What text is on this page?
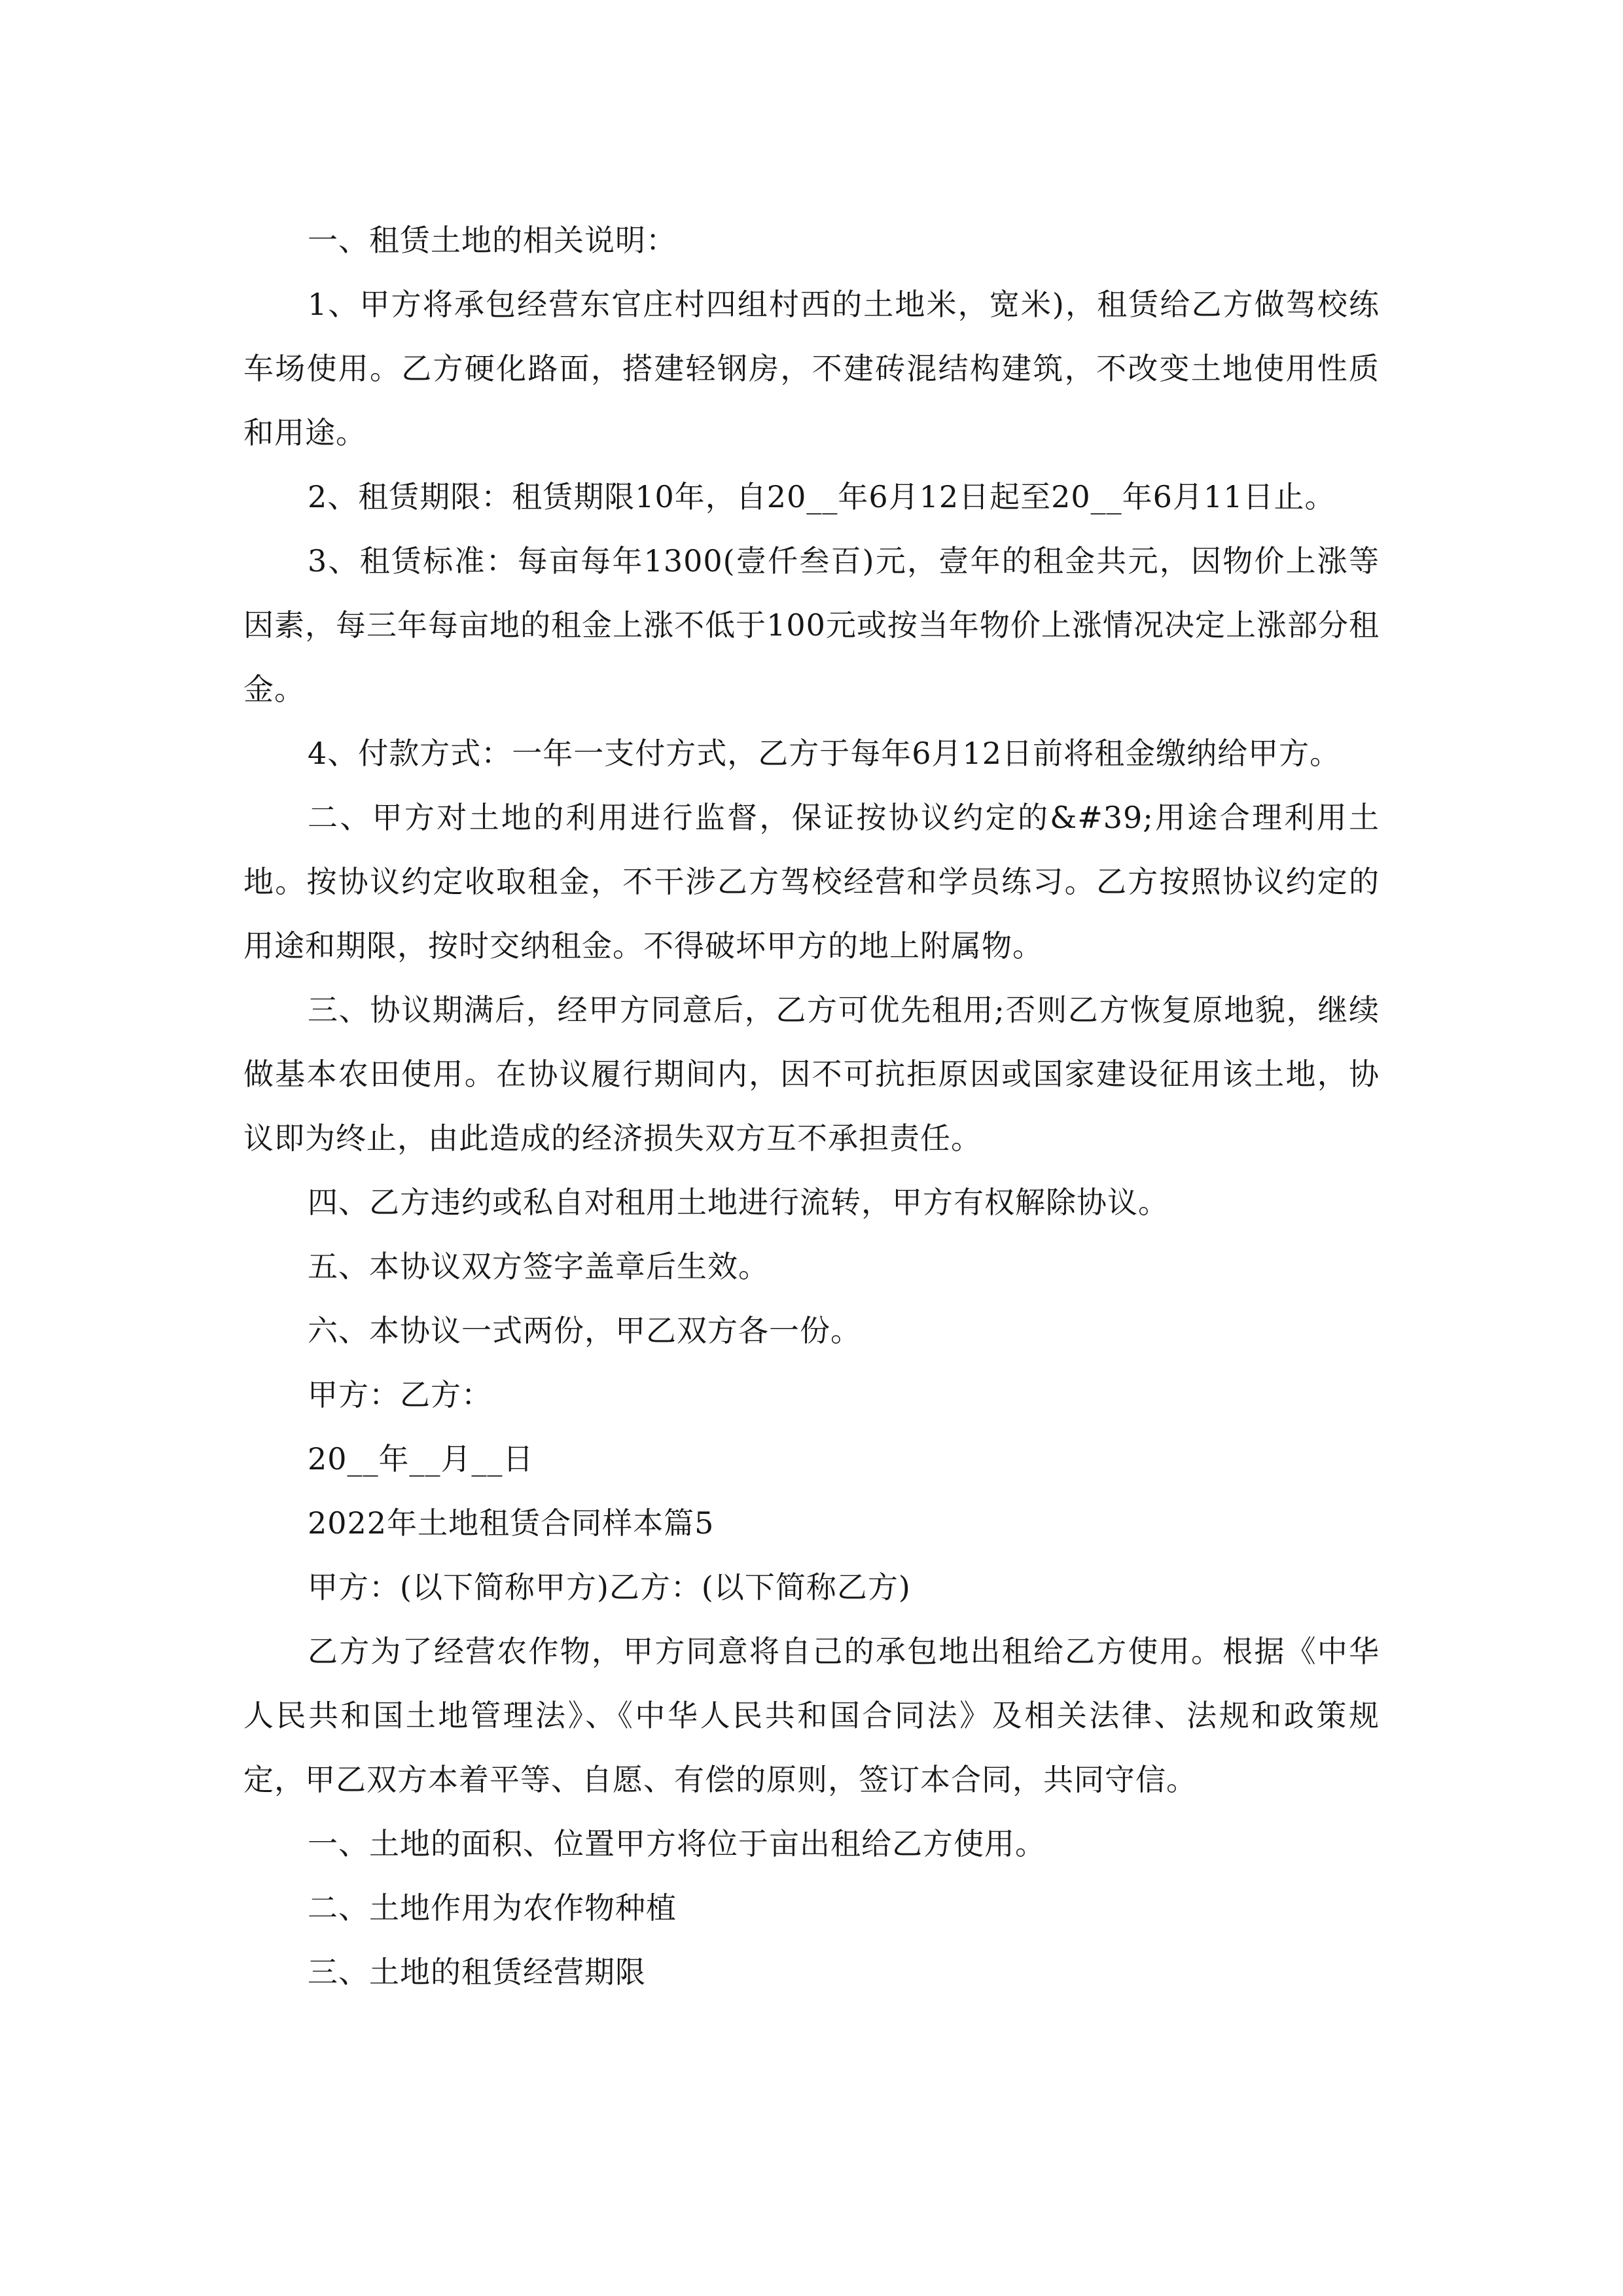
一、租赁土地的相关说明：

1、甲方将承包经营东官庄村四组村西的土地米，宽米)，租赁给乙方做驾校练车场使用。乙方硬化路面，搭建轻钢房，不建砖混结构建筑，不改变土地使用性质和用途。

2、租赁期限：租赁期限10年，自20__年6月12日起至20__年6月11日止。

3、租赁标准：每亩每年1300(壹仟叁百)元，壹年的租金共元，因物价上涨等因素，每三年每亩地的租金上涨不低于100元或按当年物价上涨情况决定上涨部分租金。

4、付款方式：一年一支付方式，乙方于每年6月12日前将租金缴纳给甲方。

二、甲方对土地的利用进行监督，保证按协议约定的&#39;用途合理利用土地。按协议约定收取租金，不干涉乙方驾校经营和学员练习。乙方按照协议约定的用途和期限，按时交纳租金。不得破坏甲方的地上附属物。

三、协议期满后，经甲方同意后，乙方可优先租用;否则乙方恢复原地貌，继续做基本农田使用。在协议履行期间内，因不可抗拒原因或国家建设征用该土地，协议即为终止，由此造成的经济损失双方互不承担责任。

四、乙方违约或私自对租用土地进行流转，甲方有权解除协议。

五、本协议双方签字盖章后生效。

六、本协议一式两份，甲乙双方各一份。

甲方：乙方：

20__年__月__日

2022年土地租赁合同样本篇5

甲方：(以下简称甲方)乙方：(以下简称乙方)

乙方为了经营农作物，甲方同意将自己的承包地出租给乙方使用。根据《中华人民共和国土地管理法》、《中华人民共和国合同法》及相关法律、法规和政策规定，甲乙双方本着平等、自愿、有偿的原则，签订本合同，共同守信。

一、土地的面积、位置甲方将位于亩出租给乙方使用。

二、土地作用为农作物种植

三、土地的租赁经营期限
